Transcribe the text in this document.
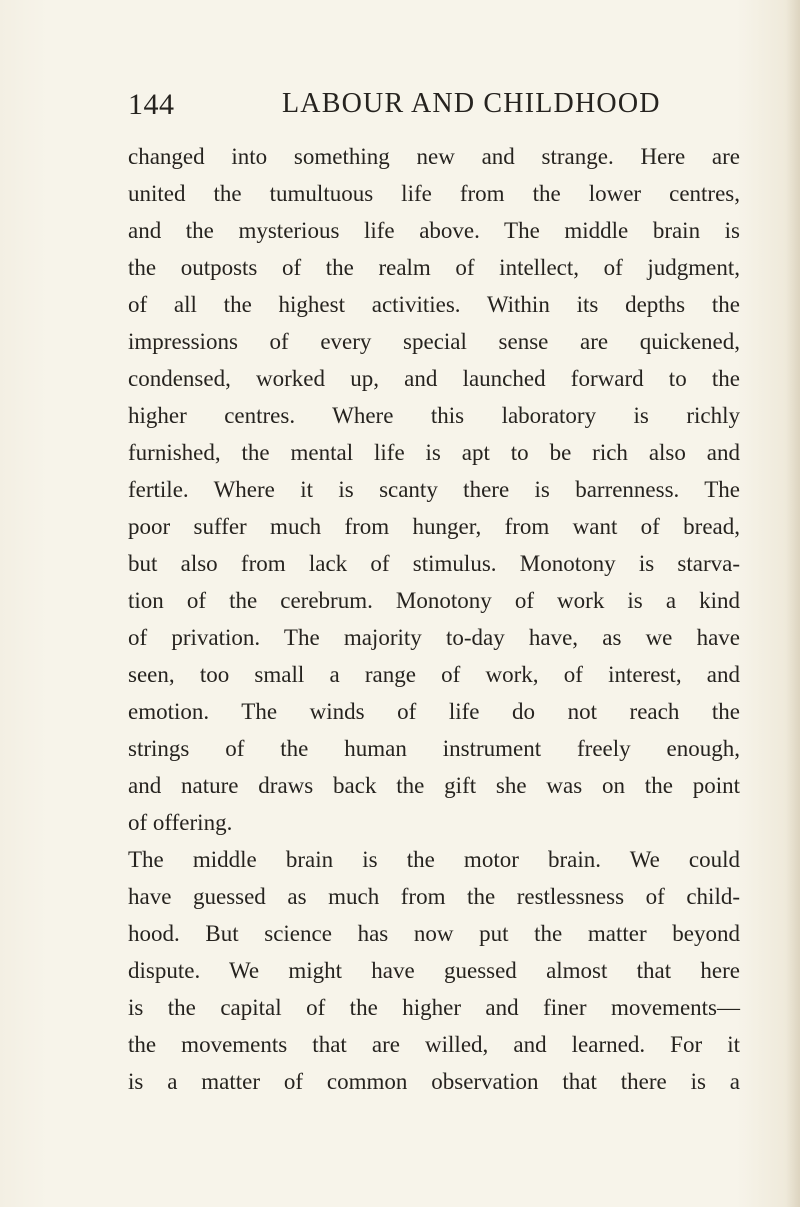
144	LABOUR AND CHILDHOOD
changed into something new and strange. Here are
united the tumultuous life from the lower centres,
and the mysterious life above. The middle brain is
the outposts of the realm of intellect, of judgment,
of all the highest activities. Within its depths the
impressions of every special sense are quickened,
condensed, worked up, and launched forward to the
higher centres. Where this laboratory is richly
furnished, the mental life is apt to be rich also and
fertile. Where it is scanty there is barrenness. The
poor suffer much from hunger, from want of bread,
but also from lack of stimulus. Monotony is starva-
tion of the cerebrum. Monotony of work is a kind
of privation. The majority to-day have, as we have
seen, too small a range of work, of interest, and
emotion. The winds of life do not reach the
strings of the human instrument freely enough,
and nature draws back the gift she was on the point
of offering.
The middle brain is the motor brain. We could
have guessed as much from the restlessness of child-
hood. But science has now put the matter beyond
dispute. We might have guessed almost that here
is the capital of the higher and finer movements—
the movements that are willed, and learned. For it
is a matter of common observation that there is a
